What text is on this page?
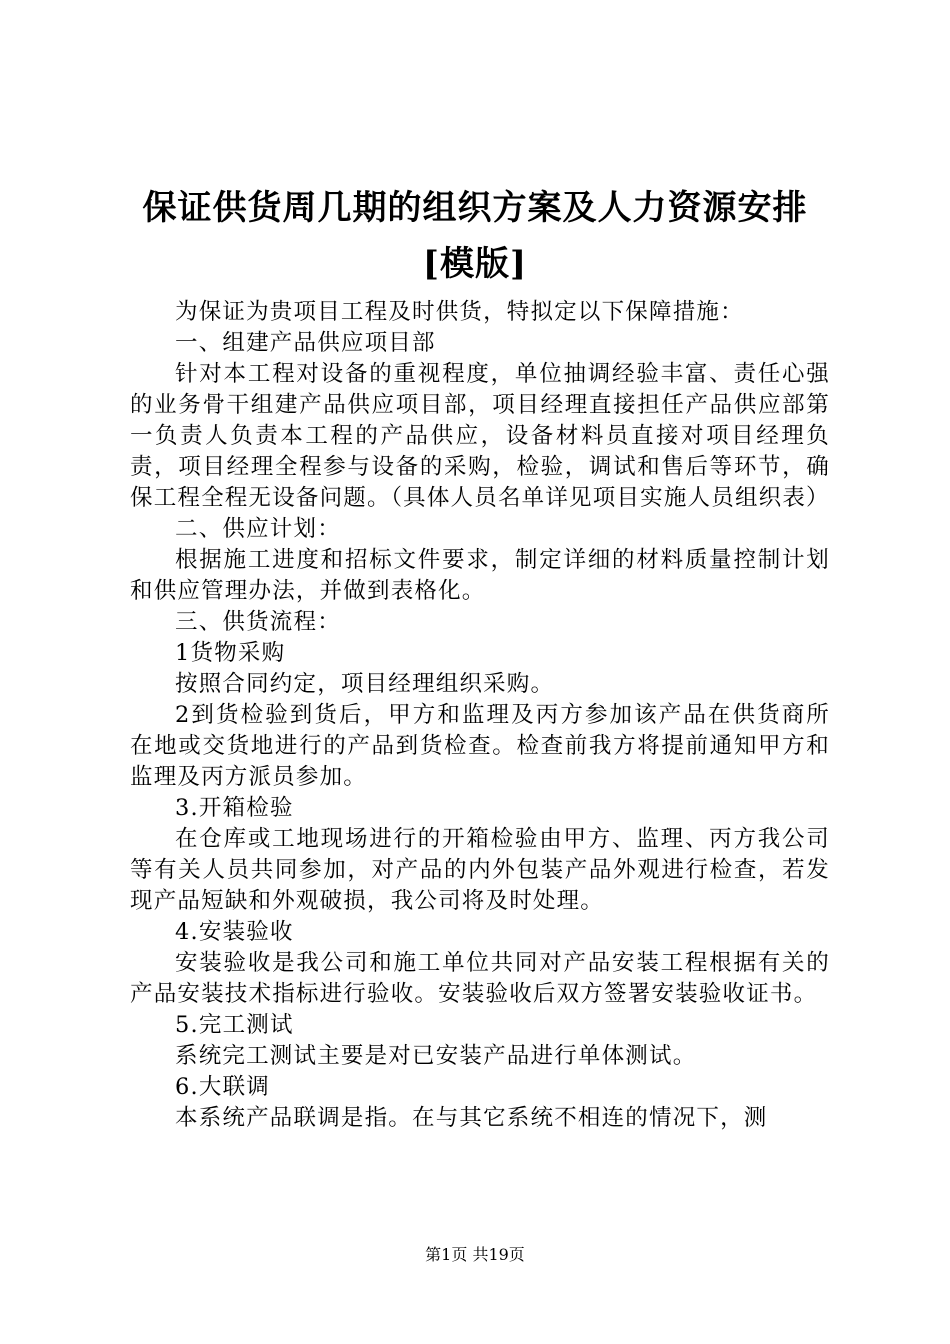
保证供货周几期的组织方案及人力资源安排
[模版]

为保证为贵项目工程及时供货，特拟定以下保障措施：

一、组建产品供应项目部

针对本工程对设备的重视程度，单位抽调经验丰富、责任心强的业务骨干组建产品供应项目部，项目经理直接担任产品供应部第一负责人负责本工程的产品供应，设备材料员直接对项目经理负责，项目经理全程参与设备的采购，检验，调试和售后等环节，确保工程全程无设备问题。（具体人员名单详见项目实施人员组织表）

二、供应计划：

根据施工进度和招标文件要求，制定详细的材料质量控制计划和供应管理办法，并做到表格化。

三、供货流程：

1货物采购

按照合同约定，项目经理组织采购。

2到货检验到货后，甲方和监理及丙方参加该产品在供货商所在地或交货地进行的产品到货检查。检查前我方将提前通知甲方和监理及丙方派员参加。

3.开箱检验

在仓库或工地现场进行的开箱检验由甲方、监理、丙方我公司等有关人员共同参加，对产品的内外包装产品外观进行检查，若发现产品短缺和外观破损，我公司将及时处理。

4.安装验收

安装验收是我公司和施工单位共同对产品安装工程根据有关的产品安装技术指标进行验收。安装验收后双方签署安装验收证书。

5.完工测试

系统完工测试主要是对已安装产品进行单体测试。

6.大联调

本系统产品联调是指。在与其它系统不相连的情况下，测

第1页 共19页
